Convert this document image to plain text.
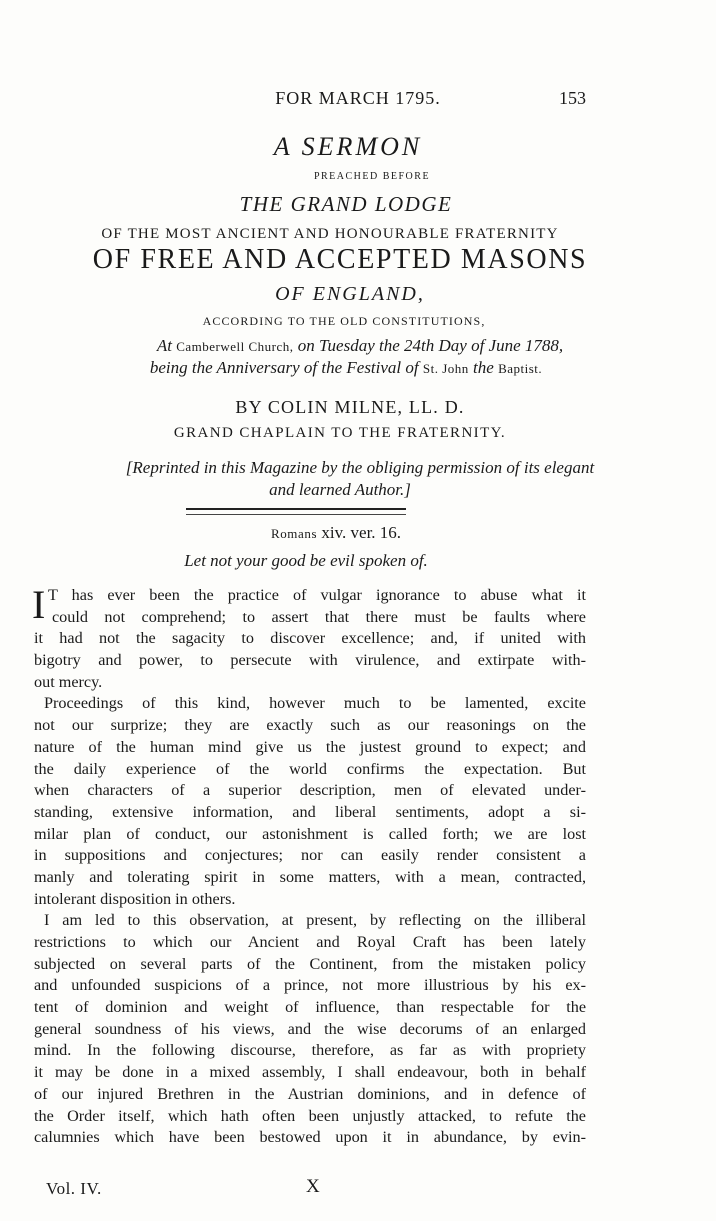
FOR MARCH 1795.	153
A SERMON
PREACHED BEFORE
THE GRAND LODGE
OF THE MOST ANCIENT AND HONOURABLE FRATERNITY
OF FREE AND ACCEPTED MASONS
OF ENGLAND,
ACCORDING TO THE OLD CONSTITUTIONS,
At Camberwell Church, on Tuesday the 24th Day of June 1788,
being the Anniversary of the Festival of St. John the Baptist.
BY COLIN MILNE, LL. D.
GRAND CHAPLAIN TO THE FRATERNITY.
[Reprinted in this Magazine by the obliging permission of its elegant
and learned Author.]
Romans xiv. ver. 16.
Let not your good be evil spoken of.
I T has ever been the practice of vulgar ignorance to abuse what it
could not comprehend; to assert that there must be faults where
it had not the sagacity to discover excellence; and, if united with
bigotry and power, to persecute with virulence, and extirpate with-
out mercy.
Proceedings of this kind, however much to be lamented, excite
not our surprize; they are exactly such as our reasonings on the
nature of the human mind give us the justest ground to expect; and
the daily experience of the world confirms the expectation. But
when characters of a superior description, men of elevated under-
standing, extensive information, and liberal sentiments, adopt a si-
milar plan of conduct, our astonishment is called forth; we are lost
in suppositions and conjectures; nor can easily render consistent a
manly and tolerating spirit in some matters, with a mean, contracted,
intolerant disposition in others.
I am led to this observation, at present, by reflecting on the illiberal
restrictions to which our Ancient and Royal Craft has been lately
subjected on several parts of the Continent, from the mistaken policy
and unfounded suspicions of a prince, not more illustrious by his ex-
tent of dominion and weight of influence, than respectable for the
general soundness of his views, and the wise decorums of an enlarged
mind. In the following discourse, therefore, as far as with propriety
it may be done in a mixed assembly, I shall endeavour, both in behalf
of our injured Brethren in the Austrian dominions, and in defence of
the Order itself, which hath often been unjustly attacked, to refute the
calumnies which have been bestowed upon it in abundance, by evin-
Vol. IV.	X
